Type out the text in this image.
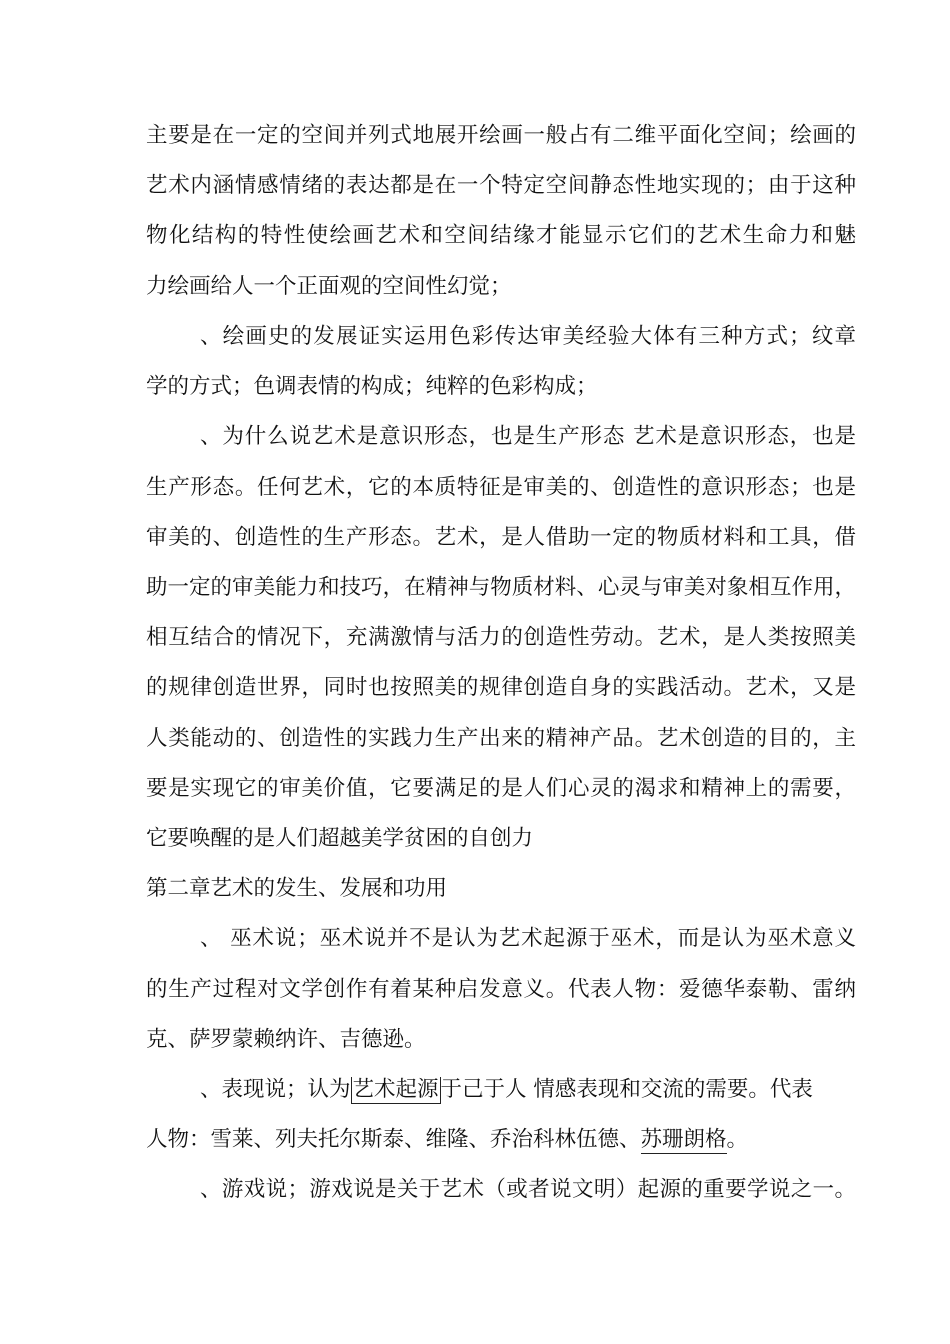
主要是在一定的空间并列式地展开绘画一般占有二维平面化空间；绘画的
艺术内涵情感情绪的表达都是在一个特定空间静态性地实现的；由于这种
物化结构的特性使绘画艺术和空间结缘才能显示它们的艺术生命力和魅
力绘画给人一个正面观的空间性幻觉；
、绘画史的发展证实运用色彩传达审美经验大体有三种方式；纹章
学的方式；色调表情的构成；纯粹的色彩构成；
、为什么说艺术是意识形态，也是生产形态 艺术是意识形态，也是
生产形态。任何艺术，它的本质特征是审美的、创造性的意识形态；也是
审美的、创造性的生产形态。艺术，是人借助一定的物质材料和工具，借
助一定的审美能力和技巧，在精神与物质材料、心灵与审美对象相互作用，
相互结合的情况下，充满激情与活力的创造性劳动。艺术，是人类按照美
的规律创造世界，同时也按照美的规律创造自身的实践活动。艺术，又是
人类能动的、创造性的实践力生产出来的精神产品。艺术创造的目的，主
要是实现它的审美价值，它要满足的是人们心灵的渴求和精神上的需要，
它要唤醒的是人们超越美学贫困的自创力
第二章艺术的发生、发展和功用
、 巫术说；巫术说并不是认为艺术起源于巫术，而是认为巫术意义
的生产过程对文学创作有着某种启发意义。代表人物：爱德华泰勒、雷纳
克、萨罗蒙赖纳许、吉德逊。
、表现说；认为艺术起源于己于人 情感表现和交流的需要。代表
人物：雪莱、列夫托尔斯泰、维隆、乔治科林伍德、苏珊朗格。
、游戏说；游戏说是关于艺术（或者说文明）起源的重要学说之一。
